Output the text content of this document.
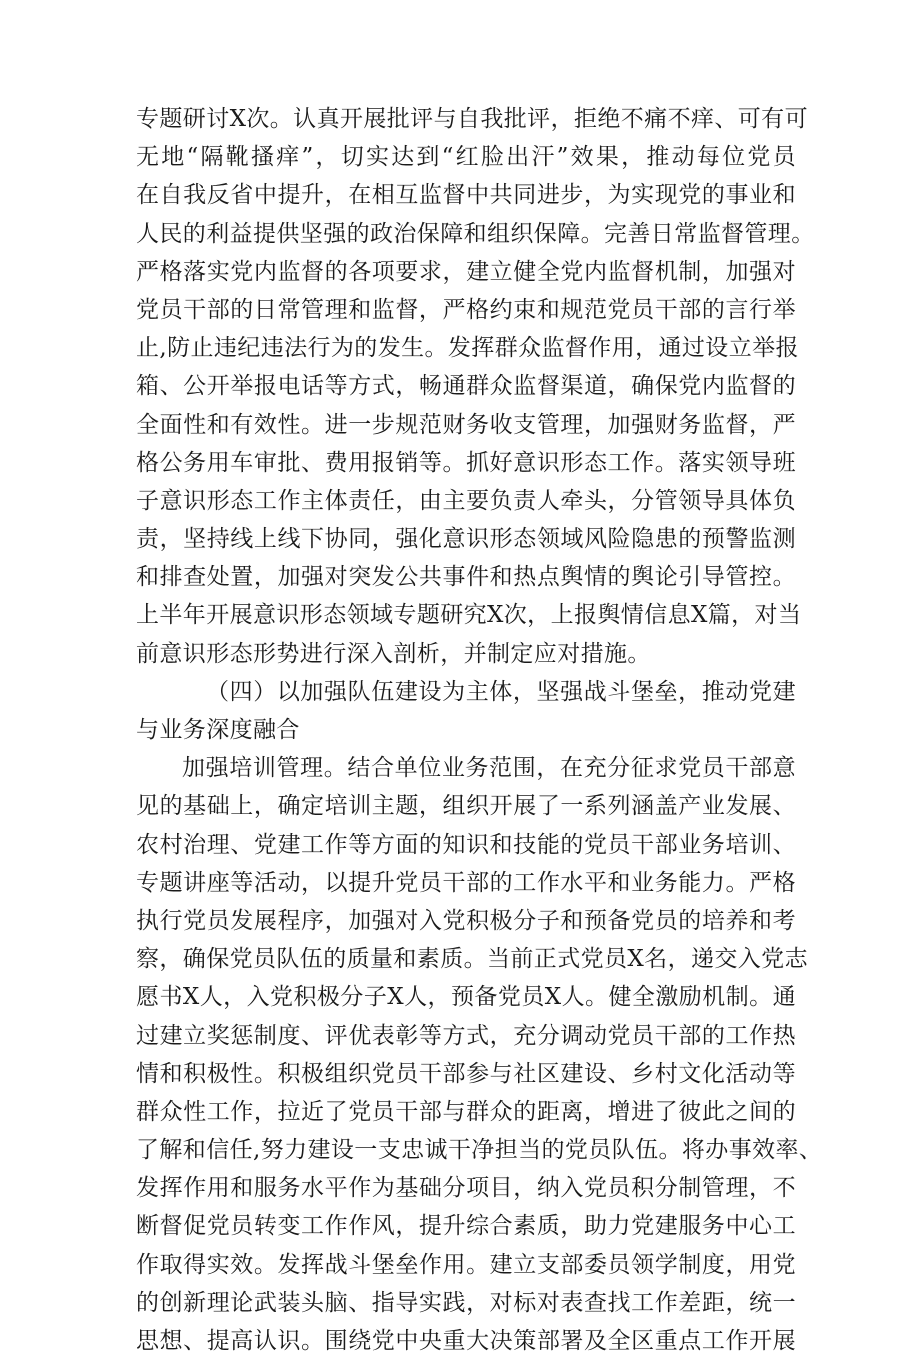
专题研讨X次。认真开展批评与自我批评，拒绝不痛不痒、可有可
无地“隔靴搔痒”，切实达到“红脸出汗”效果，推动每位党员
在自我反省中提升，在相互监督中共同进步，为实现党的事业和
人民的利益提供坚强的政治保障和组织保障。完善日常监督管理。
严格落实党内监督的各项要求，建立健全党内监督机制，加强对
党员干部的日常管理和监督，严格约束和规范党员干部的言行举
止,防止违纪违法行为的发生。发挥群众监督作用，通过设立举报
箱、公开举报电话等方式，畅通群众监督渠道，确保党内监督的
全面性和有效性。进一步规范财务收支管理，加强财务监督，严
格公务用车审批、费用报销等。抓好意识形态工作。落实领导班
子意识形态工作主体责任，由主要负责人牵头，分管领导具体负
责，坚持线上线下协同，强化意识形态领域风险隐患的预警监测
和排查处置，加强对突发公共事件和热点舆情的舆论引导管控。
上半年开展意识形态领域专题研究X次，上报舆情信息X篇，对当
前意识形态形势进行深入剖析，并制定应对措施。
（四）以加强队伍建设为主体，坚强战斗堡垒，推动党建
与业务深度融合
加强培训管理。结合单位业务范围，在充分征求党员干部意
见的基础上，确定培训主题，组织开展了一系列涵盖产业发展、
农村治理、党建工作等方面的知识和技能的党员干部业务培训、
专题讲座等活动，以提升党员干部的工作水平和业务能力。严格
执行党员发展程序，加强对入党积极分子和预备党员的培养和考
察，确保党员队伍的质量和素质。当前正式党员X名，递交入党志
愿书X人，入党积极分子X人，预备党员X人。健全激励机制。通
过建立奖惩制度、评优表彰等方式，充分调动党员干部的工作热
情和积极性。积极组织党员干部参与社区建设、乡村文化活动等
群众性工作，拉近了党员干部与群众的距离，增进了彼此之间的
了解和信任,努力建设一支忠诚干净担当的党员队伍。将办事效率、
发挥作用和服务水平作为基础分项目，纳入党员积分制管理，不
断督促党员转变工作作风，提升综合素质，助力党建服务中心工
作取得实效。发挥战斗堡垒作用。建立支部委员领学制度，用党
的创新理论武装头脑、指导实践，对标对表查找工作差距，统一
思想、提高认识。围绕党中央重大决策部署及全区重点工作开展
